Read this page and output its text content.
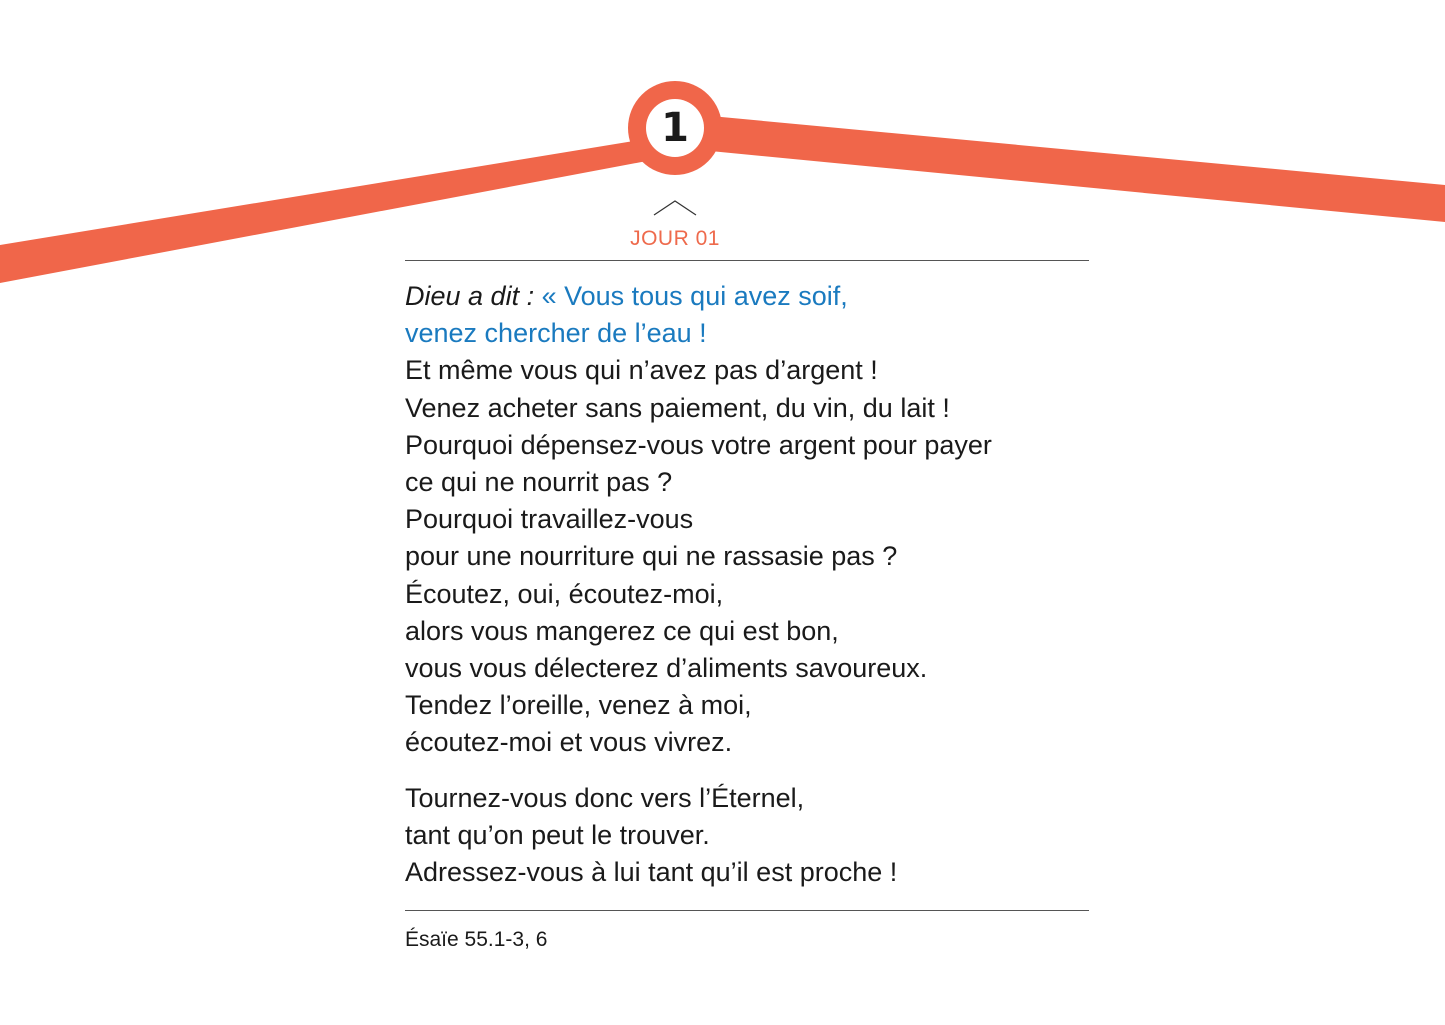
1
JOUR 01
Dieu a dit : « Vous tous qui avez soif,
venez chercher de l’eau !
Et même vous qui n’avez pas d’argent !
Venez acheter sans paiement, du vin, du lait !
Pourquoi dépensez-vous votre argent pour payer
ce qui ne nourrit pas ?
Pourquoi travaillez-vous
pour une nourriture qui ne rassasie pas ?
Écoutez, oui, écoutez-moi,
alors vous mangerez ce qui est bon,
vous vous délecterez d’aliments savoureux.
Tendez l’oreille, venez à moi,
écoutez-moi et vous vivrez.
Tournez-vous donc vers l’Éternel,
tant qu’on peut le trouver.
Adressez-vous à lui tant qu’il est proche !
Ésaïe 55.1-3, 6
